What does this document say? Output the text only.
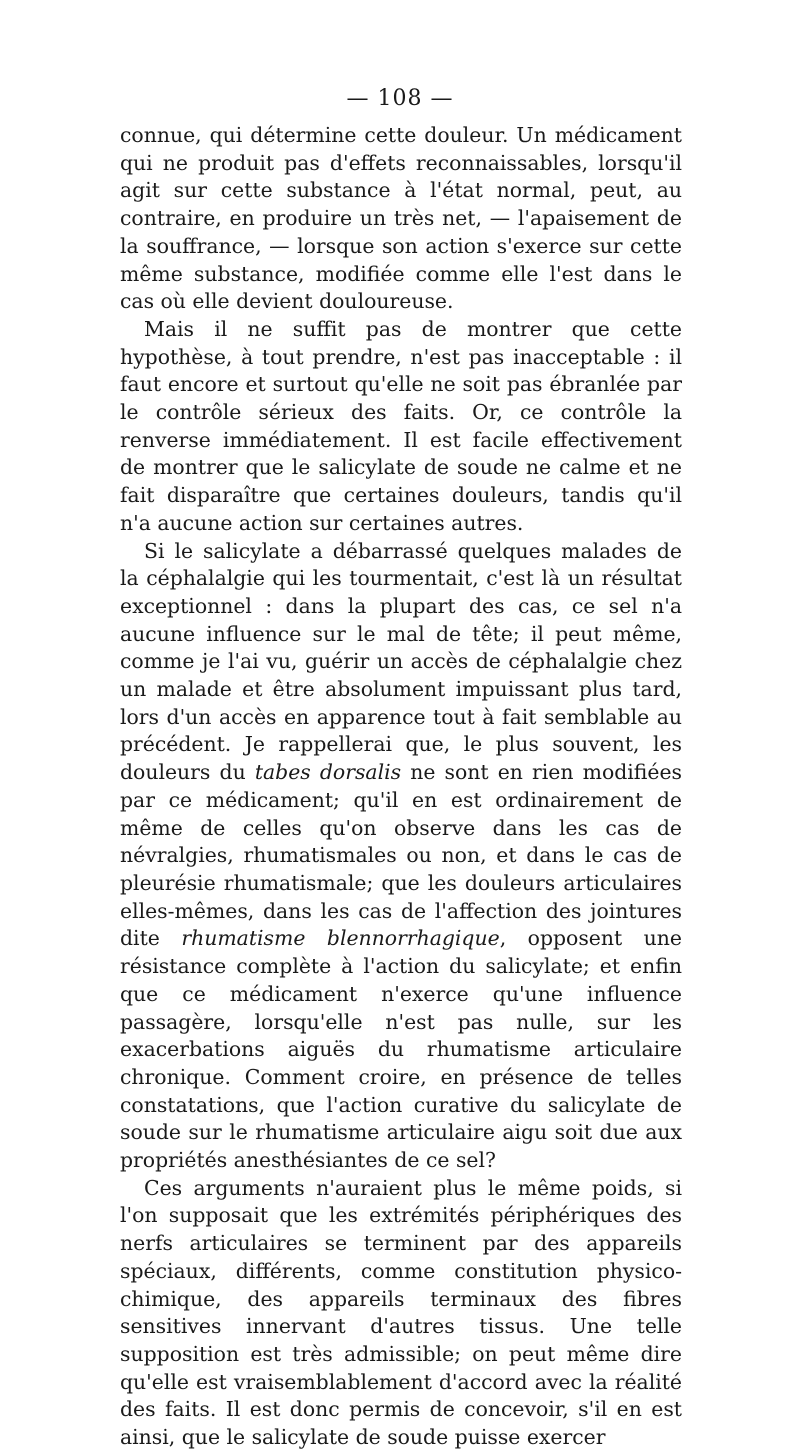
— 108 —

connue, qui détermine cette douleur. Un médicament qui ne produit pas d'effets reconnaissables, lorsqu'il agit sur cette substance à l'état normal, peut, au contraire, en produire un très net, — l'apaisement de la souffrance, — lorsque son action s'exerce sur cette même substance, modifiée comme elle l'est dans le cas où elle devient douloureuse.

Mais il ne suffit pas de montrer que cette hypothèse, à tout prendre, n'est pas inacceptable : il faut encore et surtout qu'elle ne soit pas ébranlée par le contrôle sérieux des faits. Or, ce contrôle la renverse immédiatement. Il est facile effectivement de montrer que le salicylate de soude ne calme et ne fait disparaître que certaines douleurs, tandis qu'il n'a aucune action sur certaines autres.

Si le salicylate a débarrassé quelques malades de la céphalalgie qui les tourmentait, c'est là un résultat exceptionnel : dans la plupart des cas, ce sel n'a aucune influence sur le mal de tête; il peut même, comme je l'ai vu, guérir un accès de céphalalgie chez un malade et être absolument impuissant plus tard, lors d'un accès en apparence tout à fait semblable au précédent. Je rappellerai que, le plus souvent, les douleurs du tabes dorsalis ne sont en rien modifiées par ce médicament; qu'il en est ordinairement de même de celles qu'on observe dans les cas de névralgies, rhumatismales ou non, et dans le cas de pleurésie rhumatismale; que les douleurs articulaires elles-mêmes, dans les cas de l'affection des jointures dite rhumatisme blennorrhagique, opposent une résistance complète à l'action du salicylate; et enfin que ce médicament n'exerce qu'une influence passagère, lorsqu'elle n'est pas nulle, sur les exacerbations aiguës du rhumatisme articulaire chronique. Comment croire, en présence de telles constatations, que l'action curative du salicylate de soude sur le rhumatisme articulaire aigu soit due aux propriétés anesthésiantes de ce sel?

Ces arguments n'auraient plus le même poids, si l'on supposait que les extrémités périphériques des nerfs articulaires se terminent par des appareils spéciaux, différents, comme constitution physico-chimique, des appareils terminaux des fibres sensitives innervant d'autres tissus. Une telle supposition est très admissible; on peut même dire qu'elle est vraisemblablement d'accord avec la réalité des faits. Il est donc permis de concevoir, s'il en est ainsi, que le salicylate de soude puisse exercer
